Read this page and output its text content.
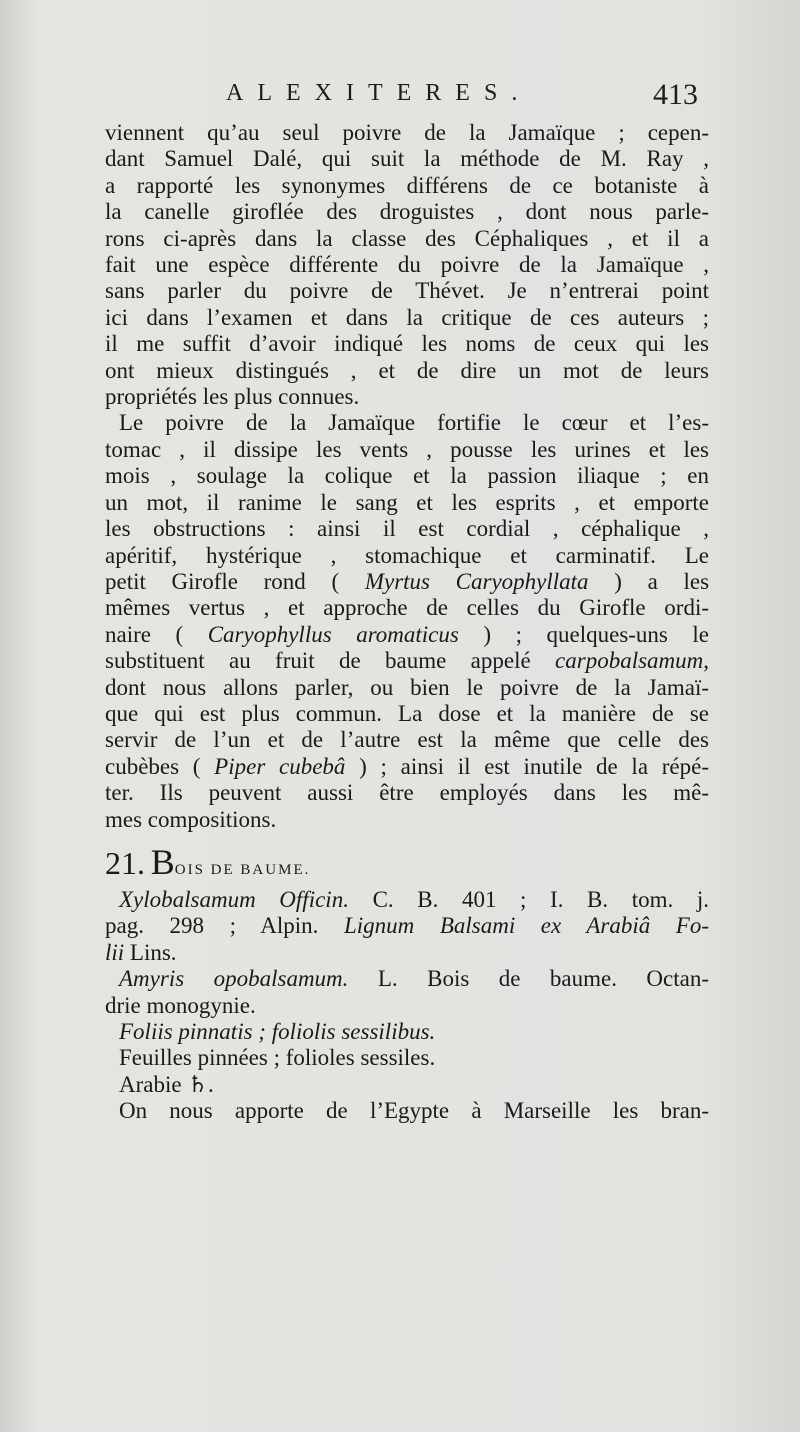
ALEXITERES.	413
viennent qu’au seul poivre de la Jamaïque ; cepen-
dant Samuel Dalé, qui suit la méthode de M. Ray ,
a rapporté les synonymes différens de ce botaniste à
la canelle giroflée des droguistes , dont nous parle-
rons ci-après dans la classe des Céphaliques , et il a
fait une espèce différente du poivre de la Jamaïque ,
sans parler du poivre de Thévet. Je n’entrerai point
ici dans l’examen et dans la critique de ces auteurs ;
il me suffit d’avoir indiqué les noms de ceux qui les
ont mieux distingués , et de dire un mot de leurs
propriétés les plus connues.
Le poivre de la Jamaïque fortifie le cœur et l’es-
tomac , il dissipe les vents , pousse les urines et les
mois , soulage la colique et la passion iliaque ; en
un mot, il ranime le sang et les esprits , et emporte
les obstructions : ainsi il est cordial , céphalique ,
apéritif, hystérique , stomachique et carminatif. Le
petit Girofle rond ( Myrtus Caryophyllata ) a les
mêmes vertus , et approche de celles du Girofle ordi-
naire ( Caryophyllus aromaticus ) ; quelques-uns le
substituent au fruit de baume appelé carpobalsamum,
dont nous allons parler, ou bien le poivre de la Jamaï-
que qui est plus commun. La dose et la manière de se
servir de l’un et de l’autre est la même que celle des
cubèbes ( Piper cubebâ ) ; ainsi il est inutile de la répé-
ter. Ils peuvent aussi être employés dans les mê-
mes compositions.
21. BOIS DE BAUME.
Xylobalsamum Officin. C. B. 401 ; I. B. tom. j.
pag. 298 ; Alpin. Lignum Balsami ex Arabiâ Fo-
lii Lins.
Amyris opobalsamum. L. Bois de baume. Octan-
drie monogynie.
Foliis pinnatis ; foliolis sessilibus.
Feuilles pinnées ; folioles sessiles.
Arabie ♄.
On nous apporte de l’Egypte à Marseille les bran-
